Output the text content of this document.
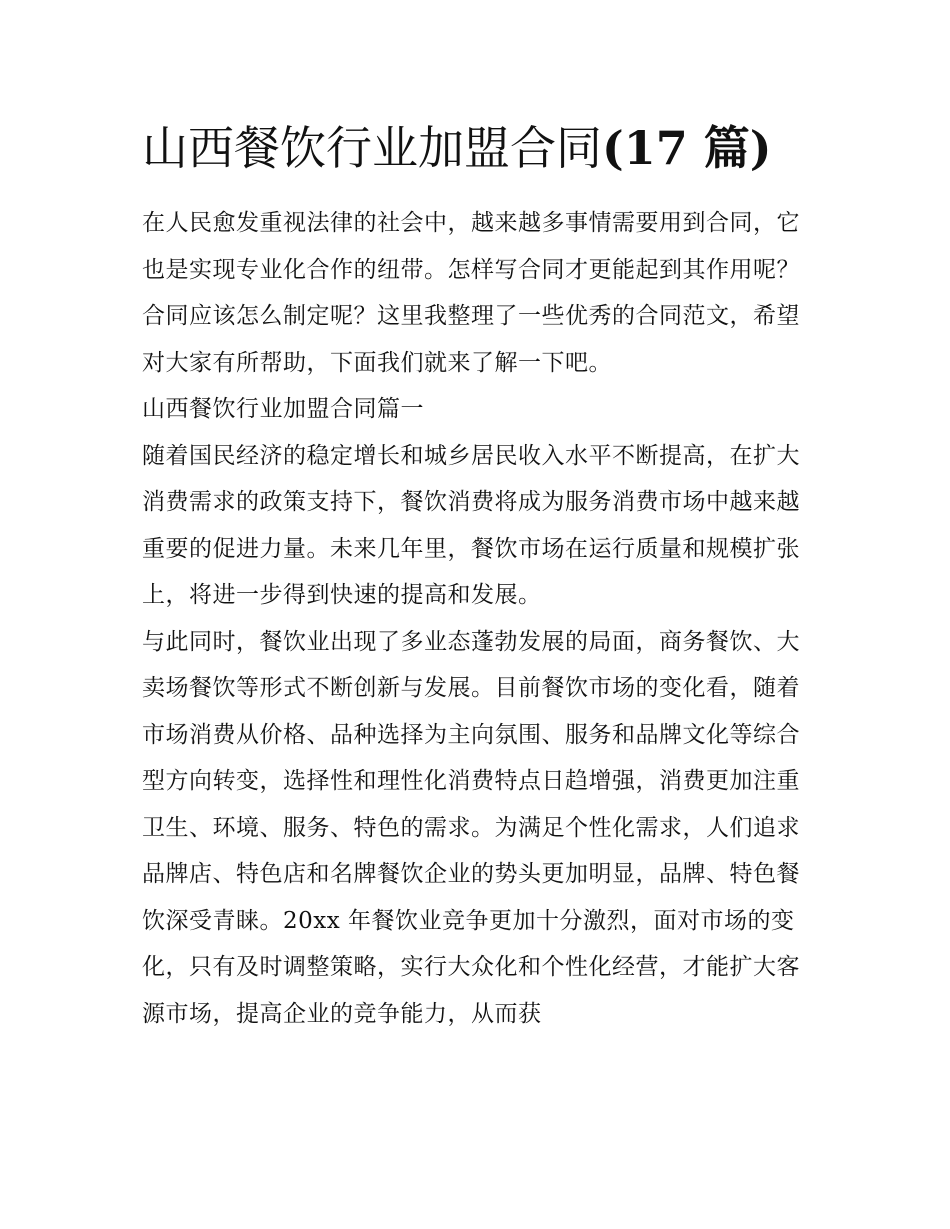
山西餐饮行业加盟合同(17 篇)

在人民愈发重视法律的社会中，越来越多事情需要用到合同，它也是实现专业化合作的纽带。怎样写合同才更能起到其作用呢？合同应该怎么制定呢？这里我整理了一些优秀的合同范文，希望对大家有所帮助，下面我们就来了解一下吧。

山西餐饮行业加盟合同篇一

随着国民经济的稳定增长和城乡居民收入水平不断提高，在扩大消费需求的政策支持下，餐饮消费将成为服务消费市场中越来越重要的促进力量。未来几年里，餐饮市场在运行质量和规模扩张上，将进一步得到快速的提高和发展。

与此同时，餐饮业出现了多业态蓬勃发展的局面，商务餐饮、大卖场餐饮等形式不断创新与发展。目前餐饮市场的变化看，随着市场消费从价格、品种选择为主向氛围、服务和品牌文化等综合型方向转变，选择性和理性化消费特点日趋增强，消费更加注重卫生、环境、服务、特色的需求。为满足个性化需求，人们追求品牌店、特色店和名牌餐饮企业的势头更加明显，品牌、特色餐饮深受青睐。20xx 年餐饮业竞争更加十分激烈，面对市场的变化，只有及时调整策略，实行大众化和个性化经营，才能扩大客源市场，提高企业的竞争能力，从而获
